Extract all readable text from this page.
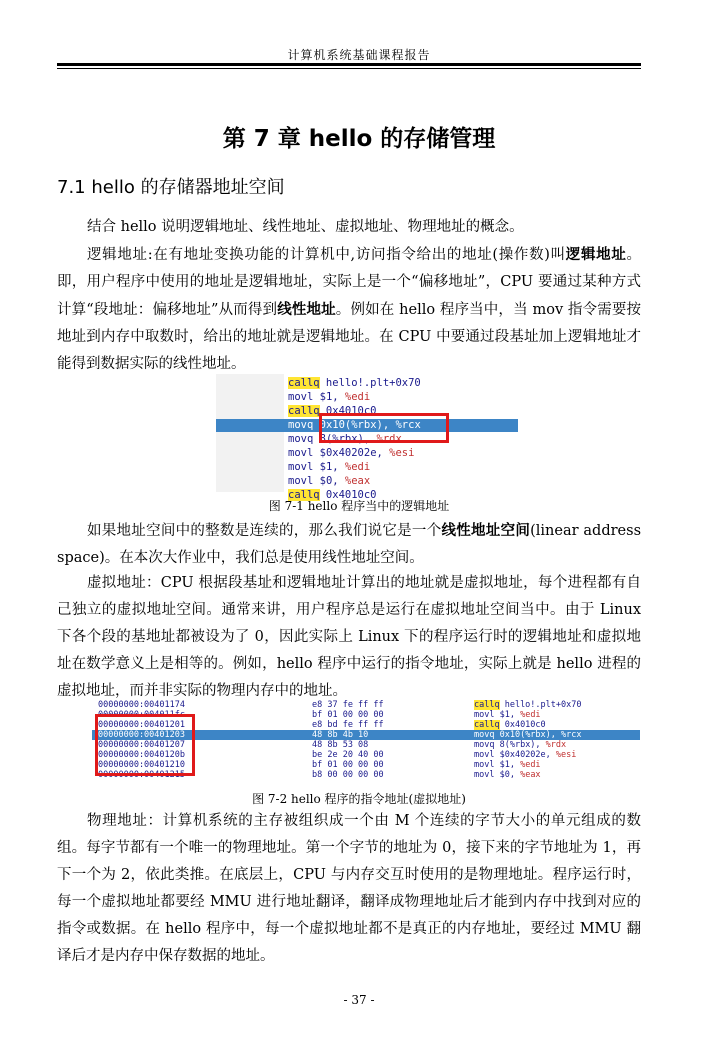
计算机系统基础课程报告
第 7 章 hello 的存储管理
7.1 hello 的存储器地址空间

结合 hello 说明逻辑地址、线性地址、虚拟地址、物理地址的概念。

逻辑地址:在有地址变换功能的计算机中,访问指令给出的地址(操作数)叫逻辑地址。即，用户程序中使用的地址是逻辑地址，实际上是一个“偏移地址”，CPU 要通过某种方式计算“段地址：偏移地址”从而得到线性地址。例如在 hello 程序当中，当 mov 指令需要按地址到内存中取数时，给出的地址就是逻辑地址。在 CPU 中要通过段基址加上逻辑地址才能得到数据实际的线性地址。

callq hello!.plt+0x70
movl $1, %edi
callq 0x4010c0
movq 0x10(%rbx), %rcx
movq 8(%rbx), %rdx
movl $0x40202e, %esi
movl $1, %edi
movl $0, %eax
callq 0x4010c0
图 7-1 hello 程序当中的逻辑地址

如果地址空间中的整数是连续的，那么我们说它是一个线性地址空间(linear address space)。在本次大作业中，我们总是使用线性地址空间。

虚拟地址：CPU 根据段基址和逻辑地址计算出的地址就是虚拟地址，每个进程都有自己独立的虚拟地址空间。通常来讲，用户程序总是运行在虚拟地址空间当中。由于 Linux 下各个段的基地址都被设为了 0，因此实际上 Linux 下的程序运行时的逻辑地址和虚拟地址在数学意义上是相等的。例如，hello 程序中运行的指令地址，实际上就是 hello 进程的虚拟地址，而并非实际的物理内存中的地址。

00000000:00401174	e8 37 fe ff ff	callq hello!.plt+0x70
00000000:004011fc	bf 01 00 00 00	movl $1, %edi
00000000:00401201	e8 bd fe ff ff	callq 0x4010c0
00000000:00401203	48 8b 4b 10	movq 0x10(%rbx), %rcx
00000000:00401207	48 8b 53 08	movq 8(%rbx), %rdx
00000000:0040120b	be 2e 20 40 00	movl $0x40202e, %esi
00000000:00401210	bf 01 00 00 00	movl $1, %edi
00000000:00401215	b8 00 00 00 00	movl $0, %eax
图 7-2 hello 程序的指令地址(虚拟地址)

物理地址：计算机系统的主存被组织成一个由 M 个连续的字节大小的单元组成的数组。每字节都有一个唯一的物理地址。第一个字节的地址为 0，接下来的字节地址为 1，再下一个为 2，依此类推。在底层上，CPU 与内存交互时使用的是物理地址。程序运行时，每一个虚拟地址都要经 MMU 进行地址翻译，翻译成物理地址后才能到内存中找到对应的指令或数据。在 hello 程序中，每一个虚拟地址都不是真正的内存地址，要经过 MMU 翻译后才是内存中保存数据的地址。

- 37 -
